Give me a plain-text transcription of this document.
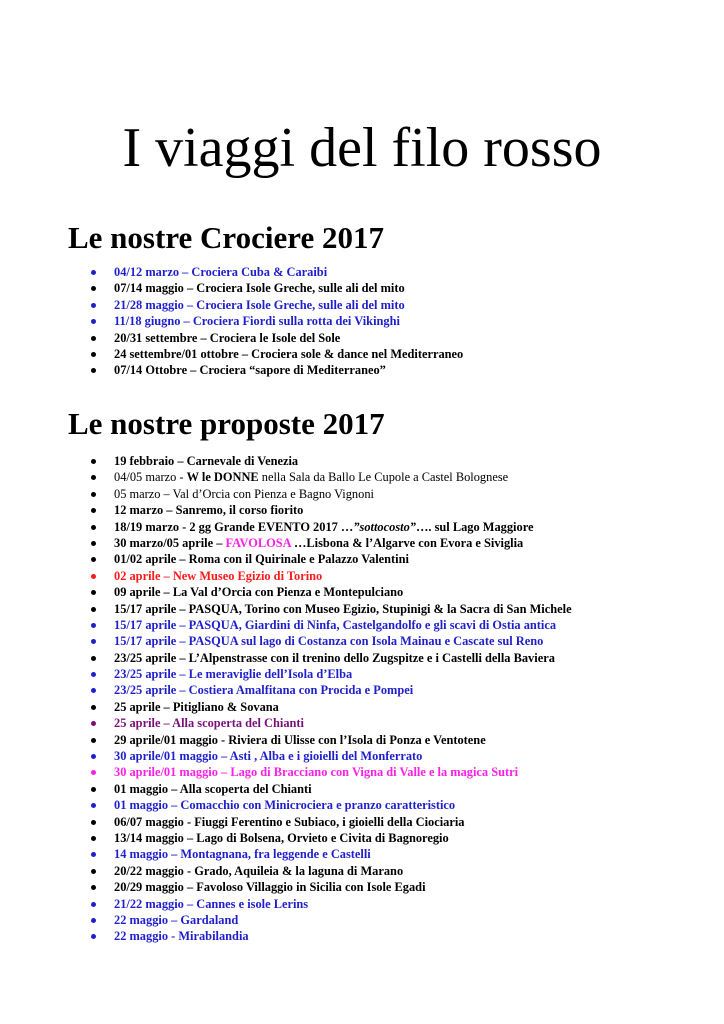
I viaggi del filo rosso
Le nostre Crociere 2017
04/12 marzo – Crociera Cuba & Caraibi
07/14 maggio – Crociera Isole Greche, sulle ali del mito
21/28 maggio – Crociera Isole Greche, sulle ali del mito
11/18 giugno – Crociera Fiordi sulla rotta dei Vikinghi
20/31 settembre – Crociera le Isole del Sole
24 settembre/01 ottobre – Crociera sole & dance nel Mediterraneo
07/14 Ottobre – Crociera “sapore di Mediterraneo”
Le nostre proposte 2017
19 febbraio – Carnevale di Venezia
04/05 marzo - W le DONNE nella Sala da Ballo Le Cupole a Castel Bolognese
05 marzo – Val d’Orcia con Pienza e Bagno Vignoni
12 marzo – Sanremo, il corso fiorito
18/19 marzo - 2 gg Grande EVENTO 2017 …”sottocosto”…. sul Lago Maggiore
30 marzo/05 aprile – FAVOLOSA …Lisbona & l’Algarve con Evora e Siviglia
01/02 aprile – Roma con il Quirinale e Palazzo Valentini
02 aprile – New Museo Egizio di Torino
09 aprile – La Val d’Orcia con Pienza e Montepulciano
15/17 aprile – PASQUA, Torino con Museo Egizio, Stupinigi & la Sacra di San Michele
15/17 aprile – PASQUA, Giardini di Ninfa, Castelgandolfo e gli scavi di Ostia antica
15/17 aprile – PASQUA sul lago di Costanza con Isola Mainau e Cascate sul Reno
23/25 aprile – L’Alpenstrasse con il trenino dello Zugspitze e i Castelli della Baviera
23/25 aprile – Le meraviglie dell’Isola d’Elba
23/25 aprile – Costiera Amalfitana con Procida e Pompei
25 aprile – Pitigliano & Sovana
25 aprile – Alla scoperta del Chianti
29 aprile/01 maggio - Riviera di Ulisse con l’Isola di Ponza e Ventotene
30 aprile/01 maggio – Asti , Alba e i gioielli del Monferrato
30 aprile/01 maggio – Lago di Bracciano con Vigna di Valle e la magica Sutri
01 maggio – Alla scoperta del Chianti
01 maggio – Comacchio con Minicrociera e pranzo caratteristico
06/07 maggio - Fiuggi Ferentino e Subiaco, i gioielli della Ciociaria
13/14 maggio – Lago di Bolsena, Orvieto e Civita di Bagnoregio
14 maggio – Montagnana, fra leggende e Castelli
20/22 maggio - Grado, Aquileia & la laguna di Marano
20/29 maggio – Favoloso Villaggio in Sicilia con Isole Egadi
21/22 maggio – Cannes e isole Lerins
22 maggio – Gardaland
22 maggio - Mirabilandia
